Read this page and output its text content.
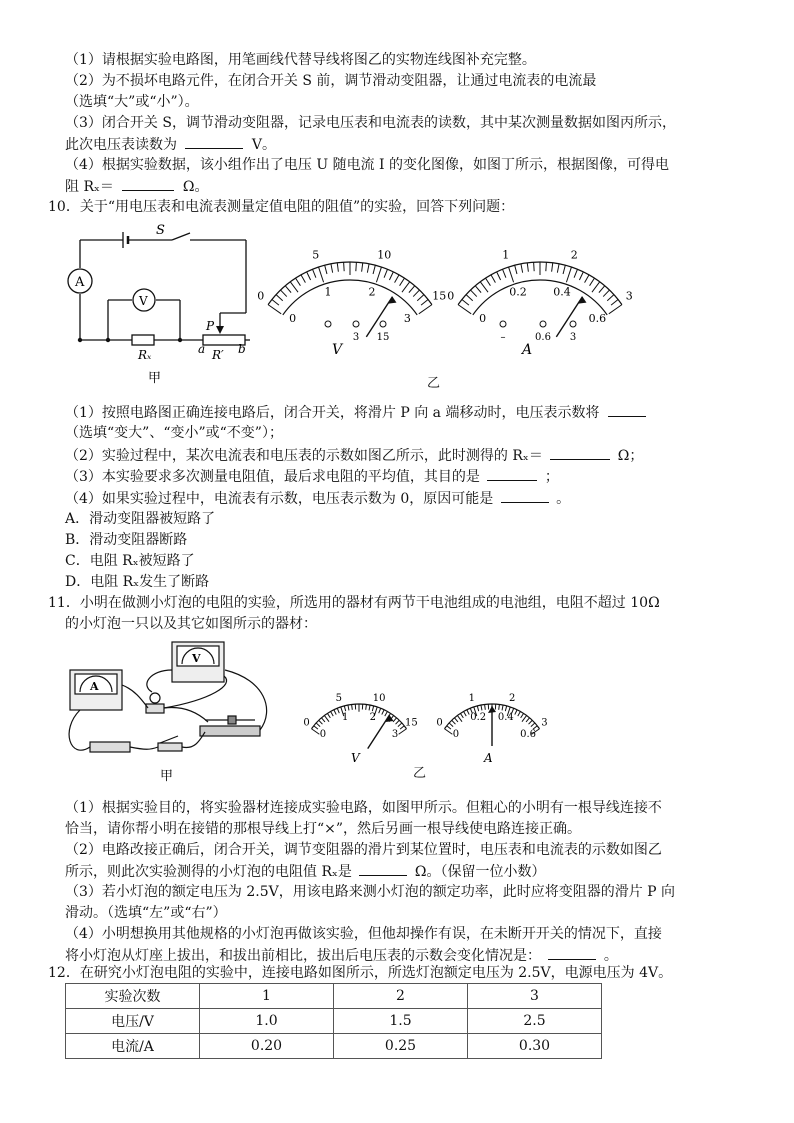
（1）请根据实验电路图，用笔画线代替导线将图乙的实物连线图补充完整。
（2）为不损坏电路元件，在闭合开关 S 前，调节滑动变阻器，让通过电流表的电流最
（选填“大”或“小”）。
（3）闭合开关 S，调节滑动变阻器，记录电压表和电流表的读数，其中某次测量数据如图丙所示，
此次电压表读数为	V。
（4）根据实验数据，该小组作出了电压 U 随电流 I 的变化图像，如图丁所示，根据图像，可得电
阻 Rₓ＝	Ω。
10．关于“用电压表和电流表测量定值电阻的阻值”的实验，回答下列问题：
S
A
V
Rₓ
P
a	b
R′
甲
0
5	10
15
0
1	2
3
V
3 15
0
1	2
3
0
0.2 0.4
0.6
A
–	0.6 3
乙
（1）按照电路图正确连接电路后，闭合开关，将滑片 P 向 a 端移动时，电压表示数将
（选填“变大”、“变小”或“不变”）；
（2）实验过程中，某次电流表和电压表的示数如图乙所示，此时测得的 Rₓ＝	Ω；
（3）本实验要求多次测量电阻值，最后求电阻的平均值，其目的是	；
（4）如果实验过程中，电流表有示数，电压表示数为 0，原因可能是	。
A．滑动变阻器被短路了
B．滑动变阻器断路
C．电阻 Rₓ被短路了
D．电阻 Rₓ发生了断路
11．小明在做测小灯泡的电阻的实验，所选用的器材有两节干电池组成的电池组，电阻不超过 10Ω
的小灯泡一只以及其它如图所示的器材：
A
V
甲
0
5	10
15
0
1 2
3
V
0
1	2
3
0
0.2 0.4
0.6
A
乙
（1）根据实验目的，将实验器材连接成实验电路，如图甲所示。但粗心的小明有一根导线连接不
恰当，请你帮小明在接错的那根导线上打“×”，然后另画一根导线使电路连接正确。
（2）电路改接正确后，闭合开关，调节变阻器的滑片到某位置时，电压表和电流表的示数如图乙
所示，则此次实验测得的小灯泡的电阻值 Rₓ是	Ω。（保留一位小数）
（3）若小灯泡的额定电压为 2.5V，用该电路来测小灯泡的额定功率，此时应将变阻器的滑片 P 向
滑动。（选填“左”或“右”）
（4）小明想换用其他规格的小灯泡再做该实验，但他却操作有误，在未断开开关的情况下，直接
将小灯泡从灯座上拔出，和拔出前相比，拔出后电压表的示数会变化情况是：	。
12．在研究小灯泡电阻的实验中，连接电路如图所示，所选灯泡额定电压为 2.5V，电源电压为 4V。
实验次数	1	2	3
电压/V	1.0	1.5	2.5
电流/A	0.20	0.25	0.30
